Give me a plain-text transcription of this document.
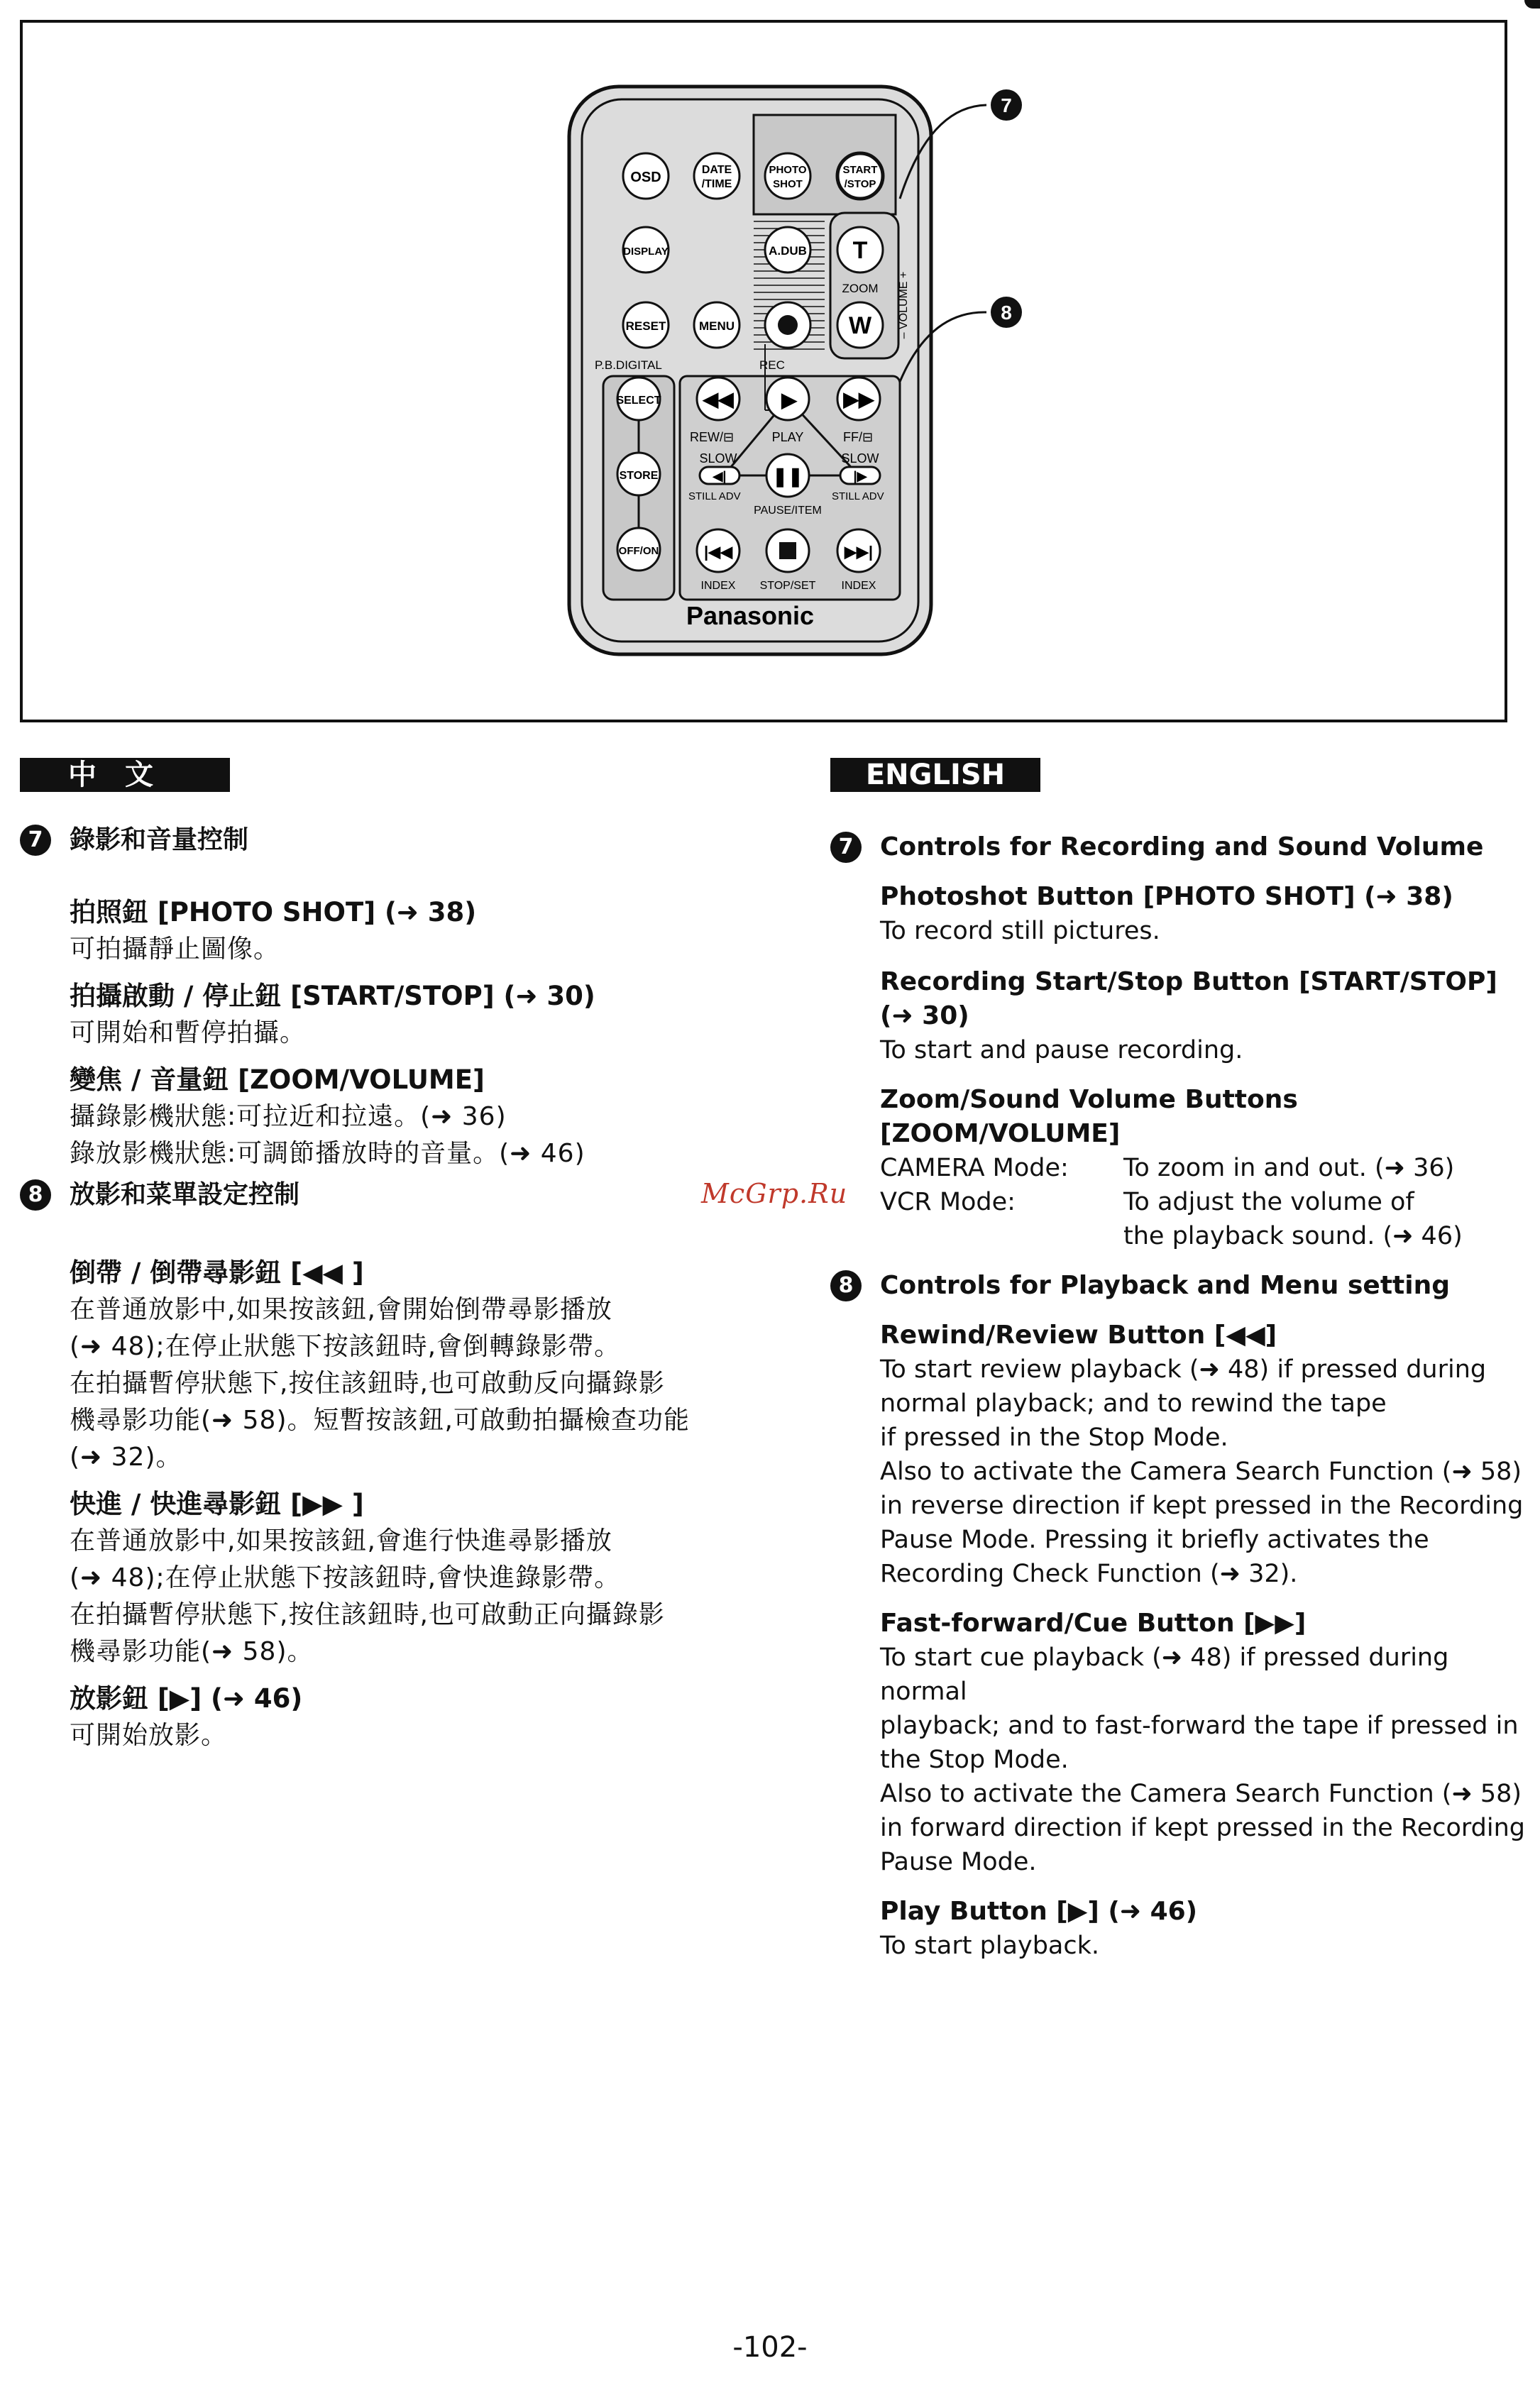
OSD	DATE
/TIME
PHOTO
SHOT
START
/STOP
DISPLAY	A.DUB T
ZOOM – VOLUME +
RESET	MENU	W
P.B.DIGITAL	REC
SELECT
STORE
OFF/ON
◀◀ ▶ ▶▶
REW/⊟	PLAY	FF/⊟
SLOW	SLOW
◀|	|▶
❚❚
STILL ADV	STILL ADV
PAUSE/ITEM
|◀◀	▶▶|
INDEX STOP/SET INDEX
Panasonic
7
8
中文	ENGLISH
7	錄影和音量控制
拍照鈕 [PHOTO SHOT] (➜ 38)
可拍攝靜止圖像。
拍攝啟動 / 停止鈕 [START/STOP] (➜ 30)
可開始和暫停拍攝。
變焦 / 音量鈕 [ZOOM/VOLUME]
攝錄影機狀態:可拉近和拉遠。(➜ 36)
錄放影機狀態:可調節播放時的音量。(➜ 46)
8	放影和菜單設定控制
倒帶 / 倒帶尋影鈕 [◀◀ ]
在普通放影中,如果按該鈕,會開始倒帶尋影播放
(➜ 48);在停止狀態下按該鈕時,會倒轉錄影帶。
在拍攝暫停狀態下,按住該鈕時,也可啟動反向攝錄影
機尋影功能(➜ 58)。短暫按該鈕,可啟動拍攝檢查功能
(➜ 32)。
快進 / 快進尋影鈕 [▶▶ ]
在普通放影中,如果按該鈕,會進行快進尋影播放
(➜ 48);在停止狀態下按該鈕時,會快進錄影帶。
在拍攝暫停狀態下,按住該鈕時,也可啟動正向攝錄影
機尋影功能(➜ 58)。
放影鈕 [▶] (➜ 46)
可開始放影。
7	Controls for Recording and Sound Volume
Photoshot Button [PHOTO SHOT] (➜ 38)
To record still pictures.
Recording Start/Stop Button [START/STOP]
(➜ 30)
To start and pause recording.
Zoom/Sound Volume Buttons [ZOOM/VOLUME]
CAMERA Mode:	To zoom in and out. (➜ 36)
VCR Mode:	To adjust the volume of
the playback sound. (➜ 46)
8	Controls for Playback and Menu setting
Rewind/Review Button [◀◀]
To start review playback (➜ 48) if pressed during
normal playback; and to rewind the tape
if pressed in the Stop Mode.
Also to activate the Camera Search Function (➜ 58)
in reverse direction if kept pressed in the Recording
Pause Mode. Pressing it briefly activates the
Recording Check Function (➜ 32).
Fast-forward/Cue Button [▶▶]
To start cue playback (➜ 48) if pressed during normal
playback; and to fast-forward the tape if pressed in
the Stop Mode.
Also to activate the Camera Search Function (➜ 58)
in forward direction if kept pressed in the Recording
Pause Mode.
Play Button [▶] (➜ 46)
To start playback.
McGrp.Ru
-102-
